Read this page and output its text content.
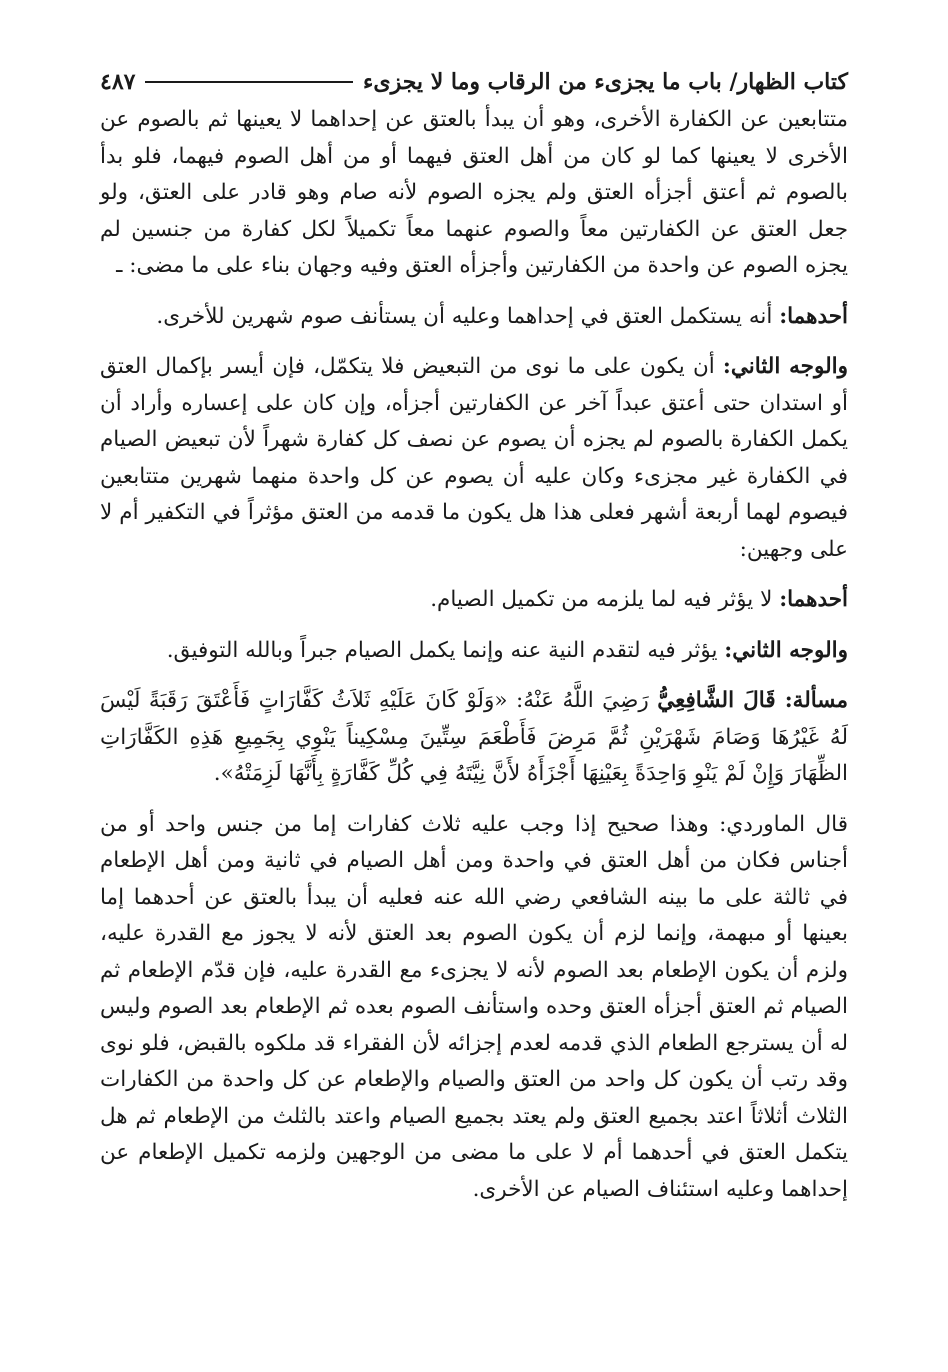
كتاب الظهار/ باب ما يجزىء من الرقاب وما لا يجزىء
٤٨٧

متتابعين عن الكفارة الأخرى، وهو أن يبدأ بالعتق عن إحداهما لا يعينها ثم بالصوم عن الأخرى لا يعينها كما لو كان من أهل العتق فيهما أو من أهل الصوم فيهما، فلو بدأ بالصوم ثم أعتق أجزأه العتق ولم يجزه الصوم لأنه صام وهو قادر على العتق، ولو جعل العتق عن الكفارتين معاً والصوم عنهما معاً تكميلاً لكل كفارة من جنسين لم يجزه الصوم عن واحدة من الكفارتين وأجزأه العتق وفيه وجهان بناء على ما مضى: ـ

أحدهما: أنه يستكمل العتق في إحداهما وعليه أن يستأنف صوم شهرين للأخرى.

والوجه الثاني: أن يكون على ما نوى من التبعيض فلا يتكمّل، فإن أيسر بإكمال العتق أو استدان حتى أعتق عبداً آخر عن الكفارتين أجزأه، وإن كان على إعساره وأراد أن يكمل الكفارة بالصوم لم يجزه أن يصوم عن نصف كل كفارة شهراً لأن تبعيض الصيام في الكفارة غير مجزىء وكان عليه أن يصوم عن كل واحدة منهما شهرين متتابعين فيصوم لهما أربعة أشهر فعلى هذا هل يكون ما قدمه من العتق مؤثراً في التكفير أم لا على وجهين:

أحدهما: لا يؤثر فيه لما يلزمه من تكميل الصيام.

والوجه الثاني: يؤثر فيه لتقدم النية عنه وإنما يكمل الصيام جبراً وبالله التوفيق.

مسألة: قَالَ الشَّافِعِيُّ رَضِيَ اللَّهُ عَنْهُ: «وَلَوْ كَانَ عَلَيْهِ ثَلاَثُ كَفَّارَاتٍ فَأَعْتَقَ رَقَبَةً لَيْسَ لَهُ غَيْرُهَا وَصَامَ شَهْرَيْنِ ثُمَّ مَرِضَ فَأَطْعَمَ سِتِّينَ مِسْكِيناً يَنْوِي بِجَمِيعِ هَذِهِ الكَفَّارَاتِ الظِّهَارَ وَإِنْ لَمْ يَنْوِ وَاحِدَةً بِعَيْنِهَا أَجْزَأَهُ لأَنَّ نِيَّتَهُ فِي كُلِّ كَفَّارَةٍ بِأَنَّهَا لَزِمَتْهُ».

قال الماوردي: وهذا صحيح إذا وجب عليه ثلاث كفارات إما من جنس واحد أو من أجناس فكان من أهل العتق في واحدة ومن أهل الصيام في ثانية ومن أهل الإطعام في ثالثة على ما بينه الشافعي رضي الله عنه فعليه أن يبدأ بالعتق عن أحدهما إما بعينها أو مبهمة، وإنما لزم أن يكون الصوم بعد العتق لأنه لا يجوز مع القدرة عليه، ولزم أن يكون الإطعام بعد الصوم لأنه لا يجزىء مع القدرة عليه، فإن قدّم الإطعام ثم الصيام ثم العتق أجزأه العتق وحده واستأنف الصوم بعده ثم الإطعام بعد الصوم وليس له أن يسترجع الطعام الذي قدمه لعدم إجزائه لأن الفقراء قد ملكوه بالقبض، فلو نوى وقد رتب أن يكون كل واحد من العتق والصيام والإطعام عن كل واحدة من الكفارات الثلاث أثلاثاً اعتد بجميع العتق ولم يعتد بجميع الصيام واعتد بالثلث من الإطعام ثم هل يتكمل العتق في أحدهما أم لا على ما مضى من الوجهين ولزمه تكميل الإطعام عن إحداهما وعليه استئناف الصيام عن الأخرى.
